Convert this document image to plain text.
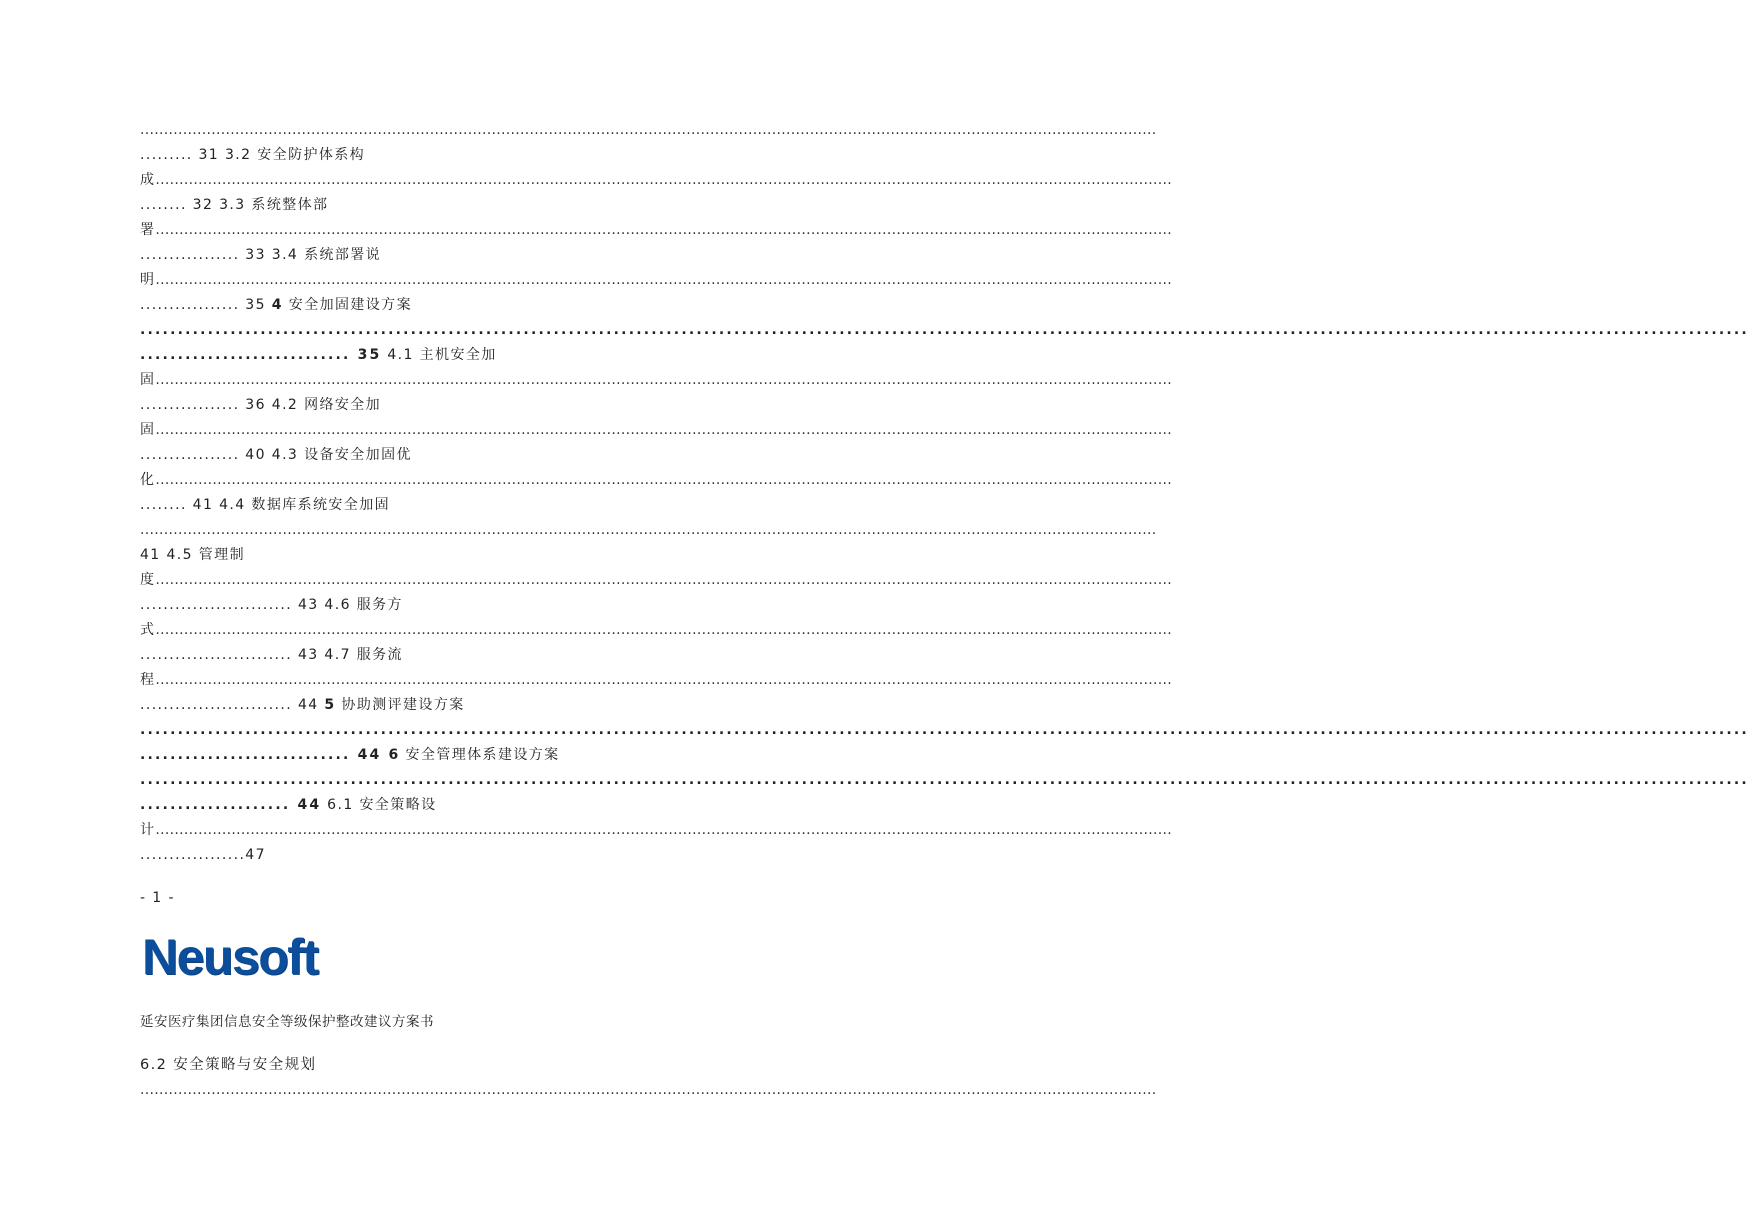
......................................................................................................................................................................................................................
......... 31 3.2 安全防护体系构
成......................................................................................................................................................................................................................
........ 32 3.3 系统整体部
署......................................................................................................................................................................................................................
................. 33 3.4 系统部署说
明......................................................................................................................................................................................................................
................. 35 4 安全加固建设方案
......................................................................................................................................................................................................................
............................ 35 4.1 主机安全加
固......................................................................................................................................................................................................................
................. 36 4.2 网络安全加
固......................................................................................................................................................................................................................
................. 40 4.3 设备安全加固优
化......................................................................................................................................................................................................................
........ 41 4.4 数据库系统安全加固
......................................................................................................................................................................................................................
41 4.5 管理制
度......................................................................................................................................................................................................................
.......................... 43 4.6 服务方
式......................................................................................................................................................................................................................
.......................... 43 4.7 服务流
程......................................................................................................................................................................................................................
.......................... 44 5 协助测评建设方案
......................................................................................................................................................................................................................
............................ 44 6 安全管理体系建设方案
......................................................................................................................................................................................................................
.................... 44 6.1 安全策略设
计......................................................................................................................................................................................................................
..................47
- 1 -
Neusoft
延安医疗集团信息安全等级保护整改建议方案书
6.2 安全策略与安全规划
......................................................................................................................................................................................................................
